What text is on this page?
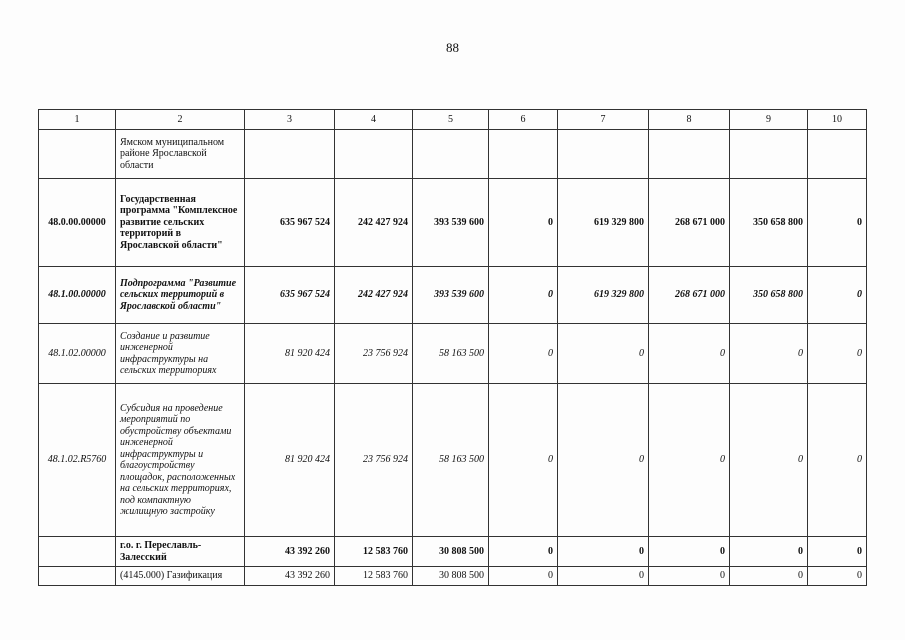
88
1	2	3	4	5	6	7	8	9	10
	Ямском муниципальном районе Ярославской области								
48.0.00.00000	Государственная программа "Комплексное развитие сельских территорий в Ярославской области"	635 967 524	242 427 924	393 539 600	0	619 329 800	268 671 000	350 658 800	0
48.1.00.00000	Подпрограмма "Развитие сельских территорий в Ярославской области"	635 967 524	242 427 924	393 539 600	0	619 329 800	268 671 000	350 658 800	0
48.1.02.00000	Создание и развитие инженерной инфраструктуры на сельских территориях	81 920 424	23 756 924	58 163 500	0	0	0	0	0
48.1.02.R5760	Субсидия на проведение мероприятий по обустройству объектами инженерной инфраструктуры и благоустройству площадок, расположенных на сельских территориях, под компактную жилищную застройку	81 920 424	23 756 924	58 163 500	0	0	0	0	0
	г.о. г. Переславль-Залесский	43 392 260	12 583 760	30 808 500	0	0	0	0	0
	(4145.000) Газификация	43 392 260	12 583 760	30 808 500	0	0	0	0	0
